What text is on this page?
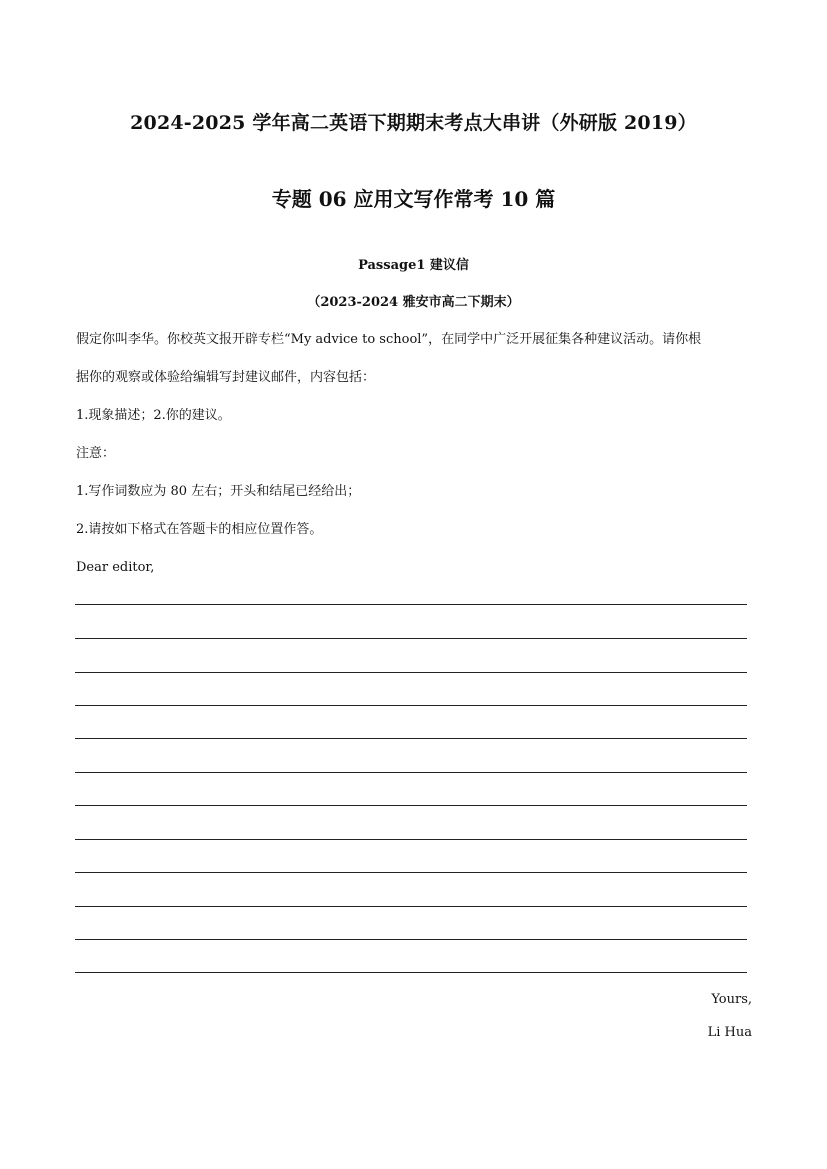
2024-2025 学年高二英语下期期末考点大串讲（外研版 2019）
专题 06 应用文写作常考 10 篇
Passage1 建议信
（2023-2024 雅安市高二下期末）
假定你叫李华。你校英文报开辟专栏“My advice to school”，在同学中广泛开展征集各种建议活动。请你根
据你的观察或体验给编辑写封建议邮件，内容包括：
1.现象描述；2.你的建议。
注意：
1.写作词数应为 80 左右；开头和结尾已经给出；
2.请按如下格式在答题卡的相应位置作答。
Dear editor,
Yours,
Li Hua
